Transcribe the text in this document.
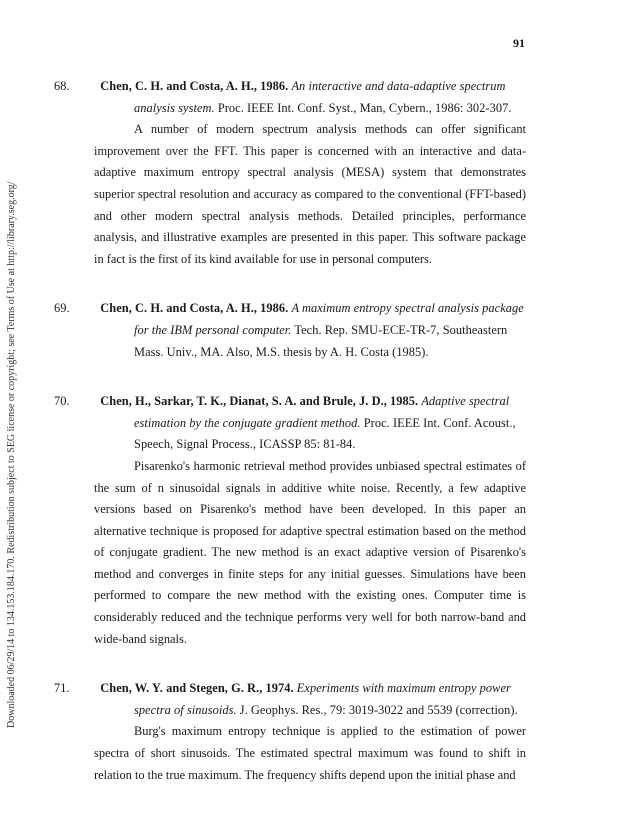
91
Downloaded 06/29/14 to 134.153.184.170. Redistribution subject to SEG license or copyright; see Terms of Use at http://library.seg.org/

68. Chen, C. H. and Costa, A. H., 1986. An interactive and data-adaptive spectrum analysis system. Proc. IEEE Int. Conf. Syst., Man, Cybern., 1986: 302-307.

A number of modern spectrum analysis methods can offer significant improvement over the FFT. This paper is concerned with an interactive and data-adaptive maximum entropy spectral analysis (MESA) system that demonstrates superior spectral resolution and accuracy as compared to the conventional (FFT-based) and other modern spectral analysis methods. Detailed principles, performance analysis, and illustrative examples are presented in this paper. This software package in fact is the first of its kind available for use in personal computers.

69. Chen, C. H. and Costa, A. H., 1986. A maximum entropy spectral analysis package for the IBM personal computer. Tech. Rep. SMU-ECE-TR-7, Southeastern Mass. Univ., MA. Also, M.S. thesis by A. H. Costa (1985).

70. Chen, H., Sarkar, T. K., Dianat, S. A. and Brule, J. D., 1985. Adaptive spectral estimation by the conjugate gradient method. Proc. IEEE Int. Conf. Acoust., Speech, Signal Process., ICASSP 85: 81-84.

Pisarenko's harmonic retrieval method provides unbiased spectral estimates of the sum of n sinusoidal signals in additive white noise. Recently, a few adaptive versions based on Pisarenko's method have been developed. In this paper an alternative technique is proposed for adaptive spectral estimation based on the method of conjugate gradient. The new method is an exact adaptive version of Pisarenko's method and converges in finite steps for any initial guesses. Simulations have been performed to compare the new method with the existing ones. Computer time is considerably reduced and the technique performs very well for both narrow-band and wide-band signals.

71. Chen, W. Y. and Stegen, G. R., 1974. Experiments with maximum entropy power spectra of sinusoids. J. Geophys. Res., 79: 3019-3022 and 5539 (correction).

Burg's maximum entropy technique is applied to the estimation of power spectra of short sinusoids. The estimated spectral maximum was found to shift in relation to the true maximum. The frequency shifts depend upon the initial phase and
